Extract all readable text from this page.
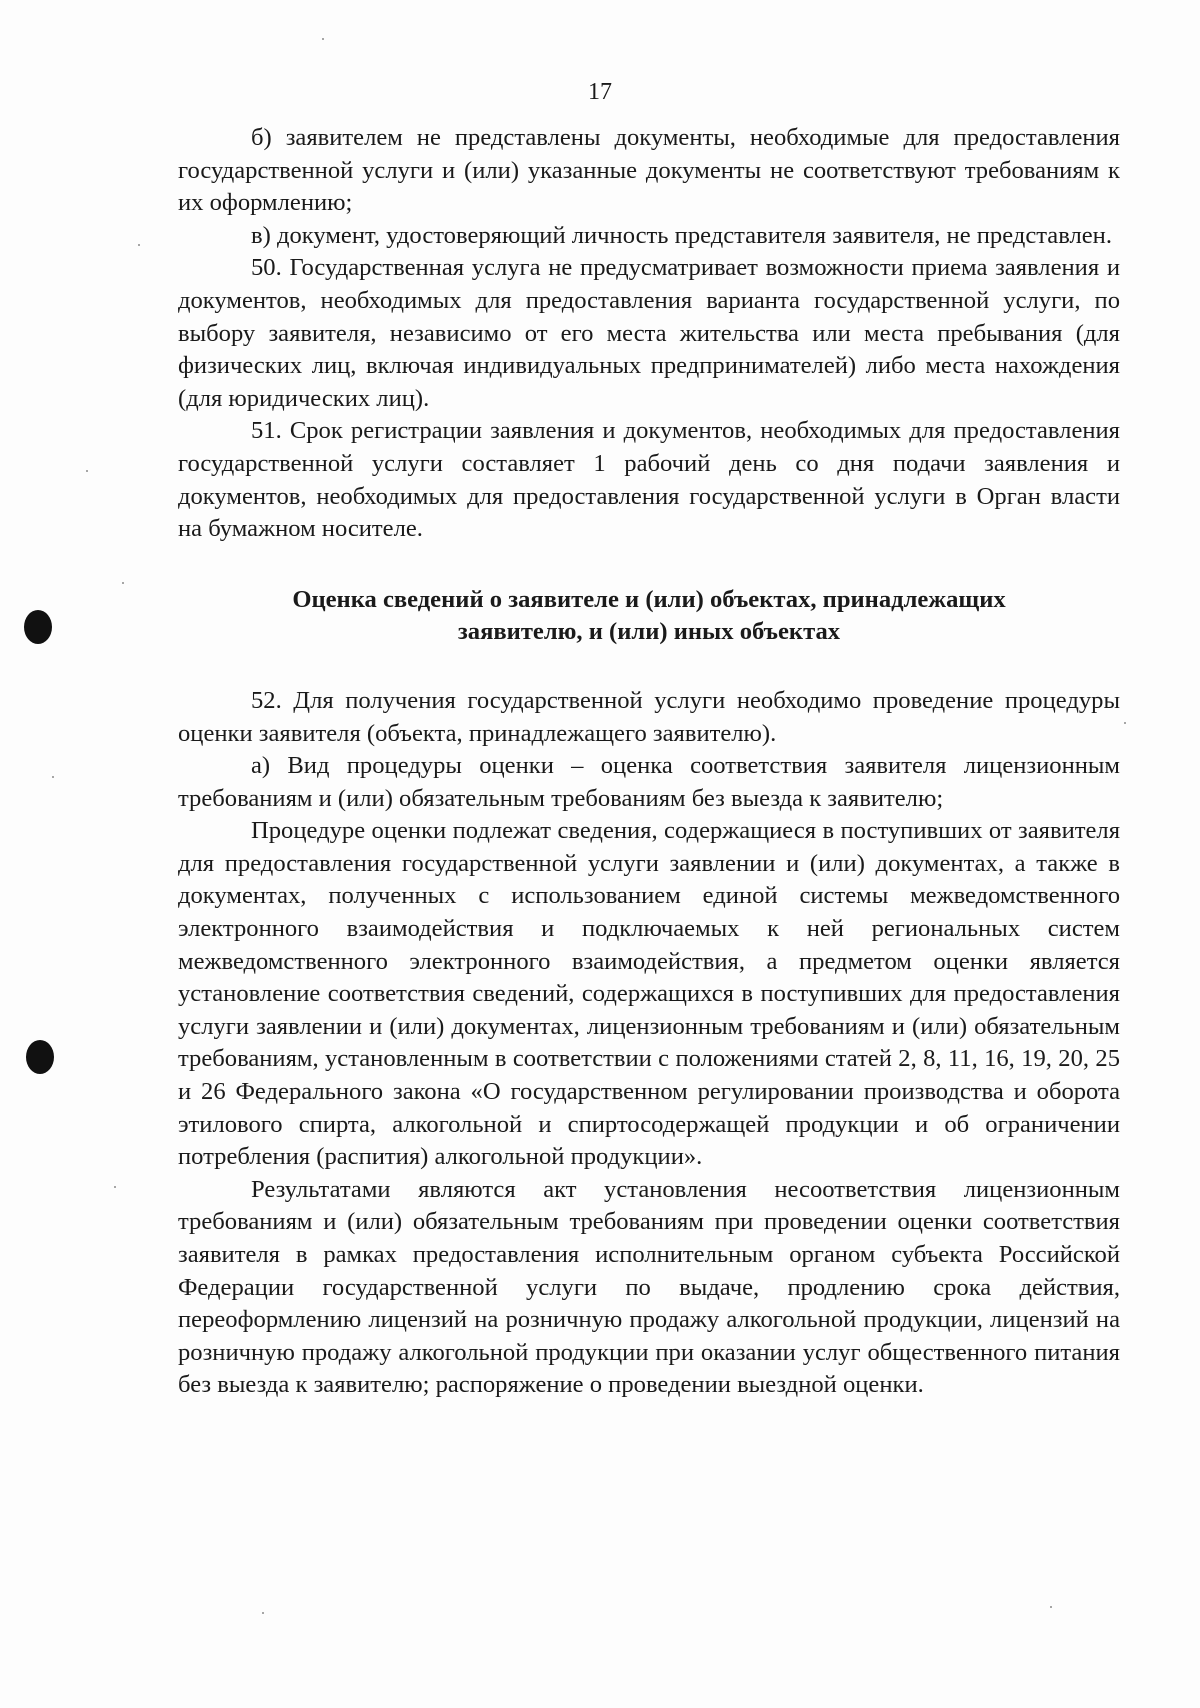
17

б) заявителем не представлены документы, необходимые для предоставления государственной услуги и (или) указанные документы не соответствуют требованиям к их оформлению;

в) документ, удостоверяющий личность представителя заявителя, не представлен.

50. Государственная услуга не предусматривает возможности приема заявления и документов, необходимых для предоставления варианта государственной услуги, по выбору заявителя, независимо от его места жительства или места пребывания (для физических лиц, включая индивидуальных предпринимателей) либо места нахождения (для юридических лиц).

51. Срок регистрации заявления и документов, необходимых для предоставления государственной услуги составляет 1 рабочий день со дня подачи заявления и документов, необходимых для предоставления государственной услуги в Орган власти на бумажном носителе.

Оценка сведений о заявителе и (или) объектах, принадлежащих
заявителю, и (или) иных объектах

52. Для получения государственной услуги необходимо проведение процедуры оценки заявителя (объекта, принадлежащего заявителю).

а) Вид процедуры оценки – оценка соответствия заявителя лицензионным требованиям и (или) обязательным требованиям без выезда к заявителю;

Процедуре оценки подлежат сведения, содержащиеся в поступивших от заявителя для предоставления государственной услуги заявлении и (или) документах, а также в документах, полученных с использованием единой системы межведомственного электронного взаимодействия и подключаемых к ней региональных систем межведомственного электронного взаимодействия, а предметом оценки является установление соответствия сведений, содержащихся в поступивших для предоставления услуги заявлении и (или) документах, лицензионным требованиям и (или) обязательным требованиям, установленным в соответствии с положениями статей 2, 8, 11, 16, 19, 20, 25 и 26 Федерального закона «О государственном регулировании производства и оборота этилового спирта, алкогольной и спиртосодержащей продукции и об ограничении потребления (распития) алкогольной продукции».

Результатами являются акт установления несоответствия лицензионным требованиям и (или) обязательным требованиям при проведении оценки соответствия заявителя в рамках предоставления исполнительным органом субъекта Российской Федерации государственной услуги по выдаче, продлению срока действия, переоформлению лицензий на розничную продажу алкогольной продукции, лицензий на розничную продажу алкогольной продукции при оказании услуг общественного питания без выезда к заявителю; распоряжение о проведении выездной оценки.
